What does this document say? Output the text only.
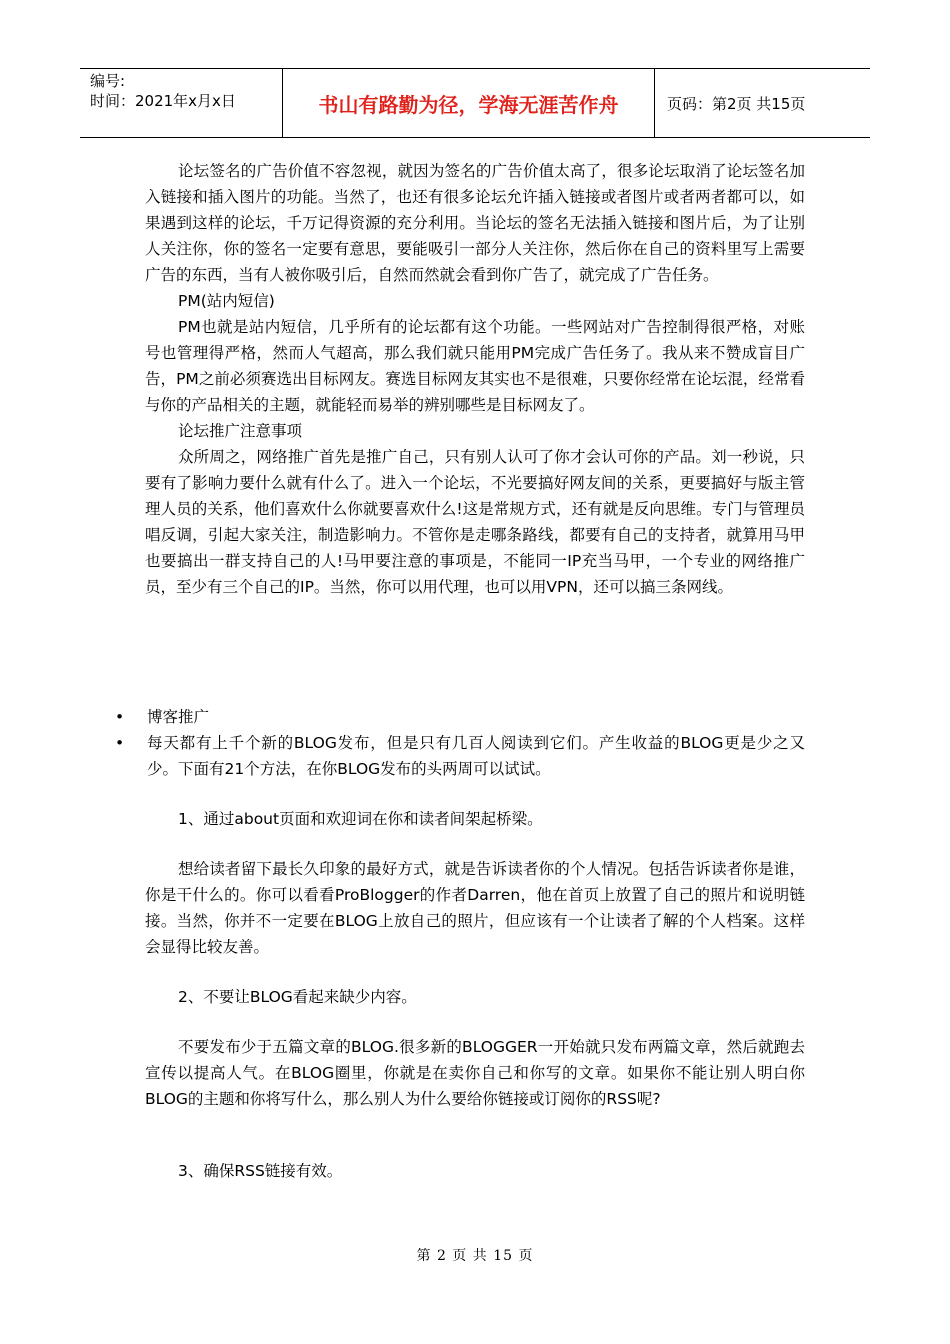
编号:
时间：2021年x月x日	书山有路勤为径，学海无涯苦作舟	页码：第2页 共15页

论坛签名的广告价值不容忽视，就因为签名的广告价值太高了，很多论坛取消了论坛签名加入链接和插入图片的功能。当然了，也还有很多论坛允许插入链接或者图片或者两者都可以，如果遇到这样的论坛，千万记得资源的充分利用。当论坛的签名无法插入链接和图片后，为了让别人关注你，你的签名一定要有意思，要能吸引一部分人关注你，然后你在自己的资料里写上需要广告的东西，当有人被你吸引后，自然而然就会看到你广告了，就完成了广告任务。

PM(站内短信)

PM也就是站内短信，几乎所有的论坛都有这个功能。一些网站对广告控制得很严格，对账号也管理得严格，然而人气超高，那么我们就只能用PM完成广告任务了。我从来不赞成盲目广告，PM之前必须赛选出目标网友。赛选目标网友其实也不是很难，只要你经常在论坛混，经常看与你的产品相关的主题，就能轻而易举的辨别哪些是目标网友了。

论坛推广注意事项

众所周之，网络推广首先是推广自己，只有别人认可了你才会认可你的产品。刘一秒说，只要有了影响力要什么就有什么了。进入一个论坛，不光要搞好网友间的关系，更要搞好与版主管理人员的关系，他们喜欢什么你就要喜欢什么!这是常规方式，还有就是反向思维。专门与管理员唱反调，引起大家关注，制造影响力。不管你是走哪条路线，都要有自己的支持者，就算用马甲也要搞出一群支持自己的人!马甲要注意的事项是，不能同一IP充当马甲，一个专业的网络推广员，至少有三个自己的IP。当然，你可以用代理，也可以用VPN，还可以搞三条网线。

•	博客推广
•	每天都有上千个新的BLOG发布，但是只有几百人阅读到它们。产生收益的BLOG更是少之又少。下面有21个方法，在你BLOG发布的头两周可以试试。

1、通过about页面和欢迎词在你和读者间架起桥梁。

想给读者留下最长久印象的最好方式，就是告诉读者你的个人情况。包括告诉读者你是谁，你是干什么的。你可以看看ProBlogger的作者Darren，他在首页上放置了自己的照片和说明链接。当然，你并不一定要在BLOG上放自己的照片，但应该有一个让读者了解的个人档案。这样会显得比较友善。

2、不要让BLOG看起来缺少内容。

不要发布少于五篇文章的BLOG.很多新的BLOGGER一开始就只发布两篇文章，然后就跑去宣传以提高人气。在BLOG圈里，你就是在卖你自己和你写的文章。如果你不能让别人明白你BLOG的主题和你将写什么，那么别人为什么要给你链接或订阅你的RSS呢?

3、确保RSS链接有效。

第 2 页 共 15 页
